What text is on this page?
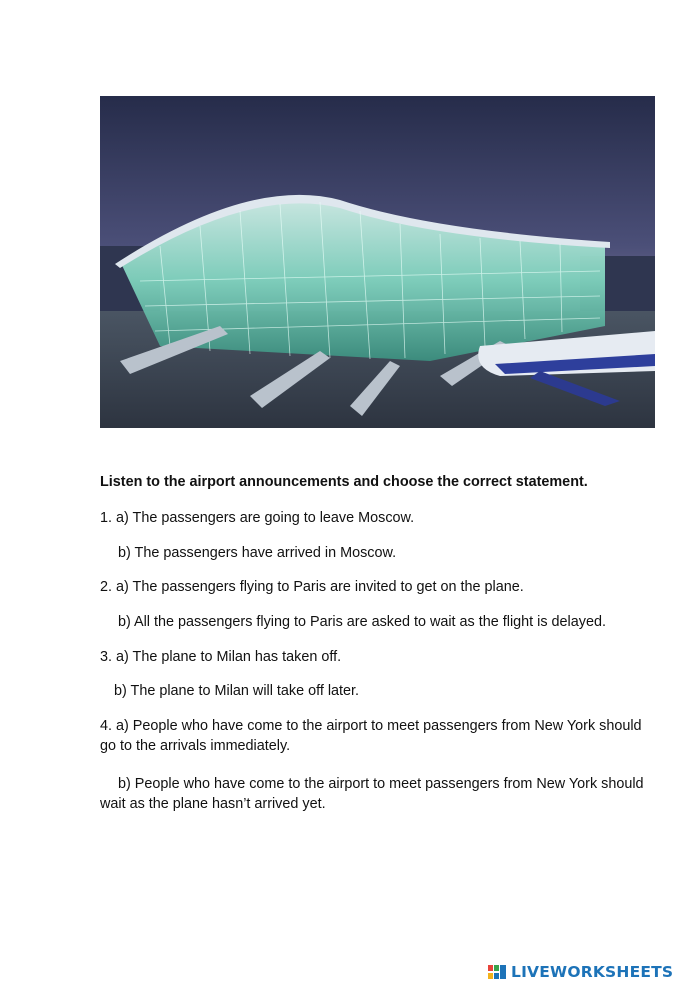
Listen to the airport announcements and choose the correct statement.
1. a) The passengers are going to leave Moscow.
b) The passengers have arrived in Moscow.
2. a) The passengers flying to Paris are invited to get on the plane.
b) All the passengers flying to Paris are asked to wait as the flight is delayed.
3. a) The plane to Milan has taken off.
b) The plane to Milan will take off later.
4. a) People who have come to the airport to meet passengers from New York should go to the arrivals immediately.
b) People who have come to the airport to meet passengers from New York should wait as the plane hasn’t arrived yet.
LIVEWORKSHEETS
